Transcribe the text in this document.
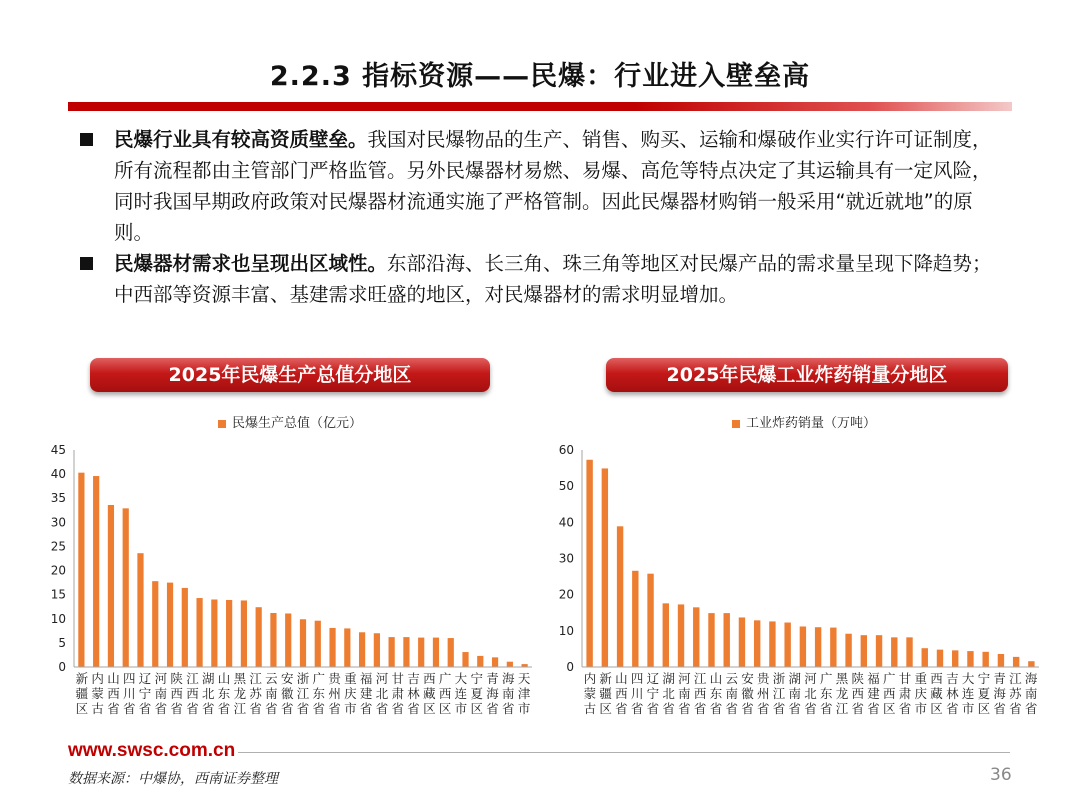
2.2.3 指标资源——民爆：行业进入壁垒高

民爆行业具有较高资质壁垒。我国对民爆物品的生产、销售、购买、运输和爆破作业实行许可证制度，所有流程都由主管部门严格监管。另外民爆器材易燃、易爆、高危等特点决定了其运输具有一定风险，同时我国早期政府政策对民爆器材流通实施了严格管制。因此民爆器材购销一般采用“就近就地”的原则。

民爆器材需求也呈现出区域性。东部沿海、长三角、珠三角等地区对民爆产品的需求量呈现下降趋势；中西部等资源丰富、基建需求旺盛的地区，对民爆器材的需求明显增加。

2025年民爆生产总值分地区	2025年民爆工业炸药销量分地区
民爆生产总值（亿元）	工业炸药销量（万吨）
0
5
10
15
20
25
30
35
40
45
新疆区
内蒙古
山西省
四川省
辽宁省
河南省
陕西省
江西省
湖北省
山东省
黑龙江
江苏省
云南省
安徽省
浙江省
广东省
贵州省
重庆市
福建省
河北省
甘肃省
吉林省
西藏区
广西区
大连市
宁夏区
青海省
海南省
天津市
0
10
20
30
40
50
60
内蒙古
新疆区
山西省
四川省
辽宁省
湖北省
河南省
江西省
山东省
云南省
安徽省
贵州省
浙江省
湖南省
河北省
广东省
黑龙江
陕西省
福建省
广西区
甘肃省
重庆市
西藏区
吉林省
大连市
宁夏区
青海省
江苏省
海南省
www.swsc.com.cn
数据来源：中爆协，西南证券整理	36
